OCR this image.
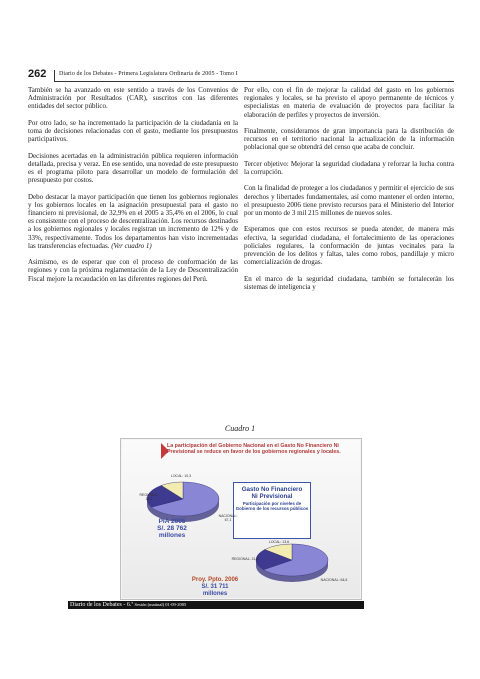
262 Diario de los Debates - Primera Legislatura Ordinaria de 2005 - Tomo I

También se ha avanzado en este sentido a través de los Convenios de Administración por Resultados (CAR), suscritos con las diferentes entidades del sector público.

Por otro lado, se ha incrementado la participación de la ciudadanía en la toma de decisiones relacionadas con el gasto, mediante los presupuestos participativos.

Decisiones acertadas en la administración pública requieren información detallada, precisa y veraz. En ese sentido, una novedad de este presupuesto es el programa piloto para desarrollar un modelo de formulación del presupuesto por costos.

Debo destacar la mayor participación que tienen los gobiernos regionales y los gobiernos locales en la asignación presupuestal para el gasto no financiero ni previsional, de 32,9% en el 2005 a 35,4% en el 2006, lo cual es consistente con el proceso de descentralización. Los recursos destinados a los gobiernos regionales y locales registran un incremento de 12% y de 33%, respectivamente. Todos los departamentos han visto incrementadas las transferencias efectuadas. (Ver cuadro 1)

Asimismo, es de esperar que con el proceso de conformación de las regiones y con la próxima reglamentación de la Ley de Descentralización Fiscal mejore la recaudación en las diferentes regiones del Perú.

Por ello, con el fin de mejorar la calidad del gasto en los gobiernos regionales y locales, se ha previsto el apoyo permanente de técnicos y especialistas en materia de evaluación de proyectos para facilitar la elaboración de perfiles y proyectos de inversión.

Finalmente, consideramos de gran importancia para la distribución de recursos en el territorio nacional la actualización de la información poblacional que se obtendrá del censo que acaba de concluir.

Tercer objetivo: Mejorar la seguridad ciudadana y reforzar la lucha contra la corrupción.

Con la finalidad de proteger a los ciudadanos y permitir el ejercicio de sus derechos y libertades fundamentales, así como mantener el orden interno, el presupuesto 2006 tiene previsto recursos para el Ministerio del Interior por un monto de 3 mil 215 millones de nuevos soles.

Esperamos que con estos recursos se pueda atender, de manera más efectiva, la seguridad ciudadana, el fortalecimiento de las operaciones policiales regulares, la conformación de juntas vecinales para la prevención de los delitos y faltas, tales como robos, pandillaje y micro comercialización de drogas.

En el marco de la seguridad ciudadana, también se fortalecerán los sistemas de inteligencia y

Cuadro 1
La participación del Gobierno Nacional en el Gasto No Financiero Ni Previsional se reduce en favor de los gobiernos regionales y locales.
Gasto No Financiero
Ni Previsional
Participación por niveles de Gobierno de los recursos públicos
LOCAL: 10,3
REGIONAL: 22,6
NACIONAL: 67,1
LOCAL: 13,6
REGIONAL: 21,8
NACIONAL: 64,6
PIA 2005
S/. 28 762
millones
Proy. Ppto. 2006
S/. 31 711
millones
Diario de los Debates - 6.ª Sesión (matinal) 01-09-2005
